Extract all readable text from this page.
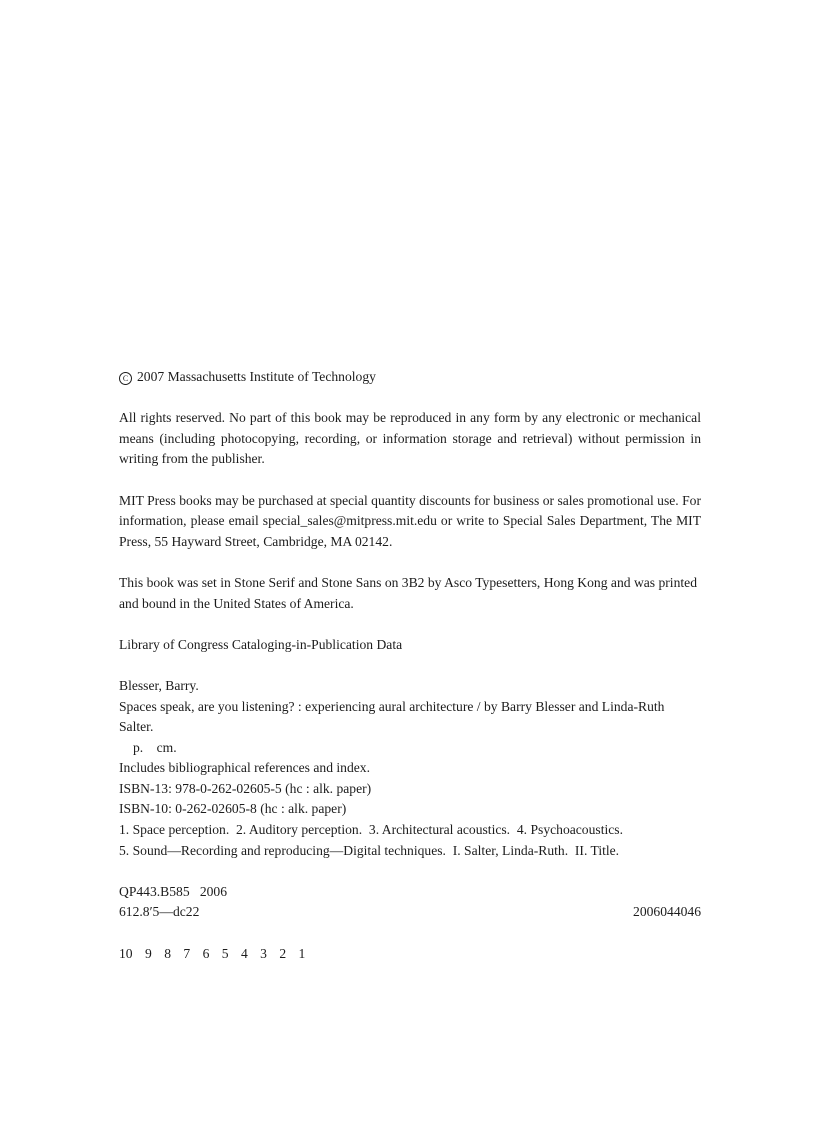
C 2007 Massachusetts Institute of Technology

All rights reserved. No part of this book may be reproduced in any form by any electronic or mechanical means (including photocopying, recording, or information storage and retrieval) without permission in writing from the publisher.

MIT Press books may be purchased at special quantity discounts for business or sales promotional use. For information, please email special_sales@mitpress.mit.edu or write to Special Sales Department, The MIT Press, 55 Hayward Street, Cambridge, MA 02142.

This book was set in Stone Serif and Stone Sans on 3B2 by Asco Typesetters, Hong Kong and was printed and bound in the United States of America.

Library of Congress Cataloging-in-Publication Data

Blesser, Barry.

Spaces speak, are you listening? : experiencing aural architecture / by Barry Blesser and Linda-Ruth Salter.

p. cm.

Includes bibliographical references and index.

ISBN-13: 978-0-262-02605-5 (hc : alk. paper)

ISBN-10: 0-262-02605-8 (hc : alk. paper)

1. Space perception.  2. Auditory perception.  3. Architectural acoustics.  4. Psychoacoustics.

5. Sound—Recording and reproducing—Digital techniques.  I. Salter, Linda-Ruth.  II. Title.

QP443.B585   2006

612.8′5—dc22	2006044046

10 9 8 7 6 5 4 3 2 1
